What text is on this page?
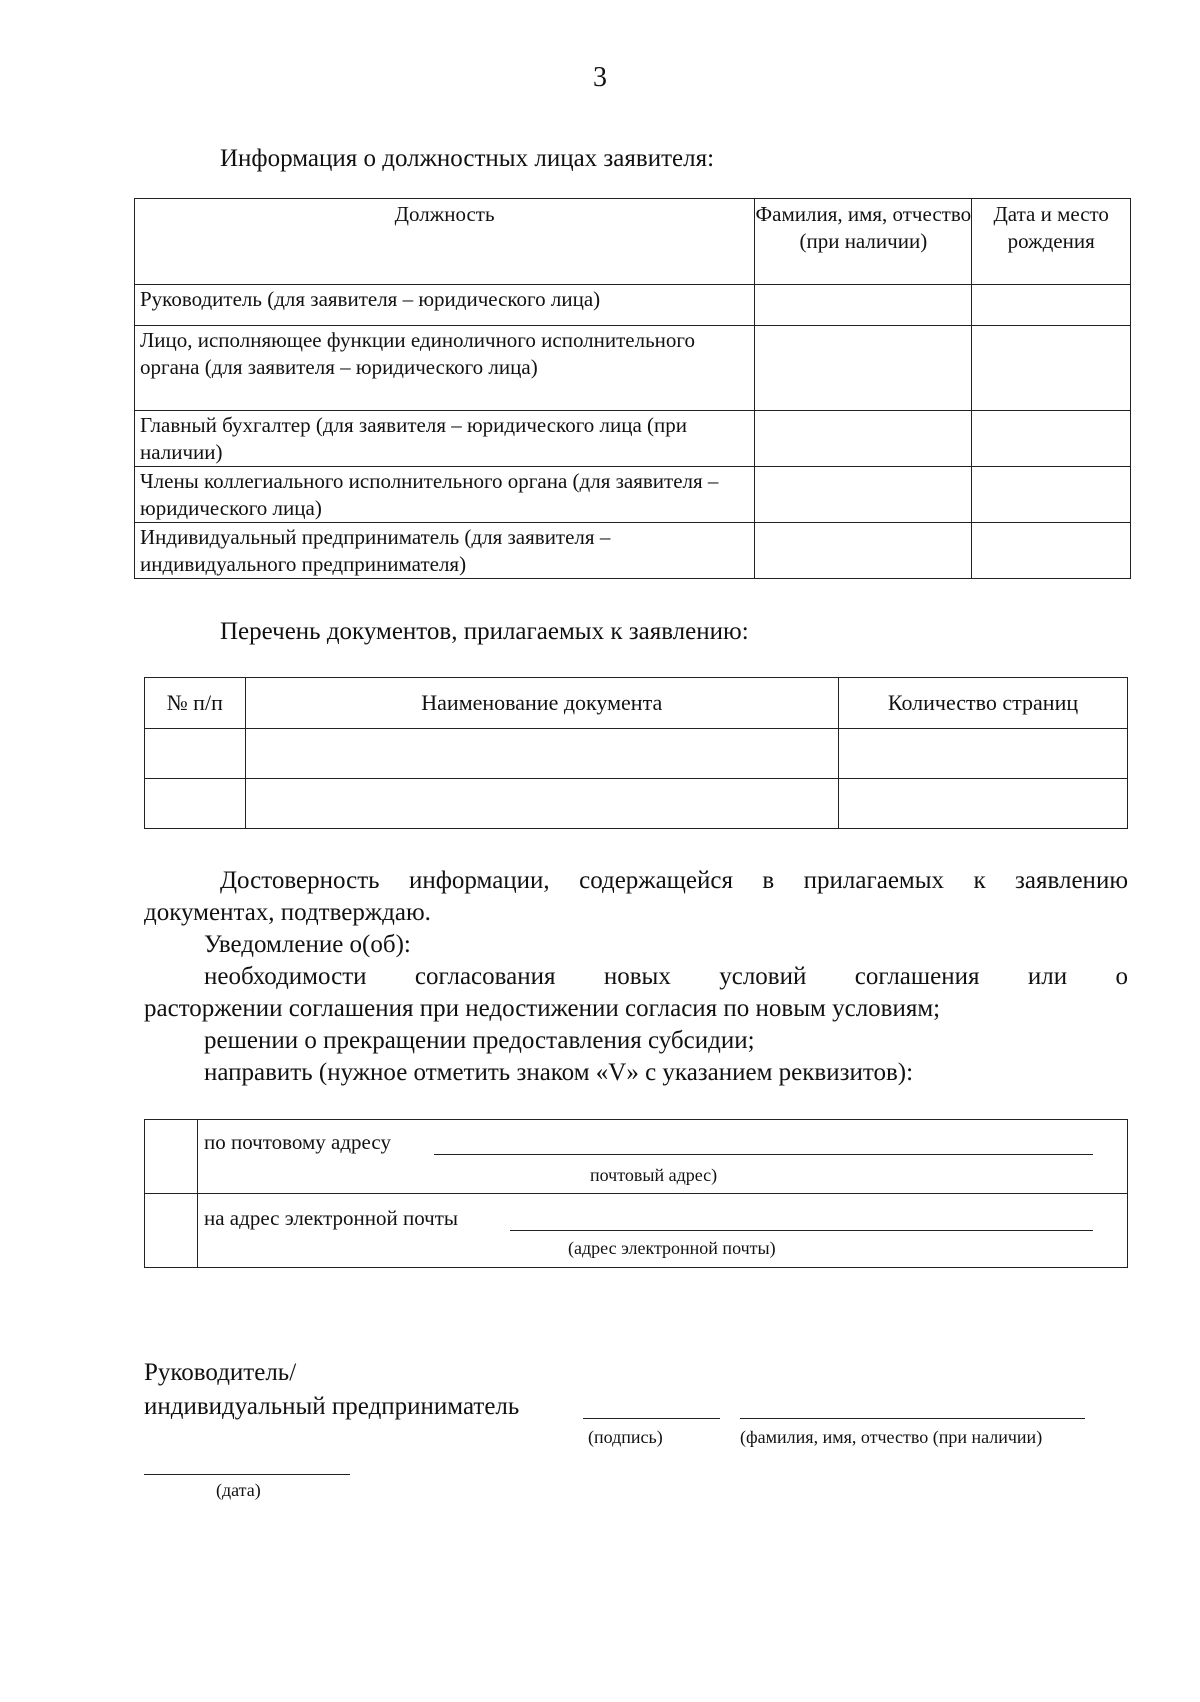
3
Информация о должностных лицах заявителя:
Должность	Фамилия, имя, отчество (при наличии)	Дата и место рождения
Руководитель (для заявителя – юридического лица)		
Лицо, исполняющее функции единоличного исполнительного органа (для заявителя – юридического лица)		
Главный бухгалтер (для заявителя – юридического лица (при наличии)		
Члены коллегиального исполнительного органа (для заявителя – юридического лица)		
Индивидуальный предприниматель (для заявителя – индивидуального предпринимателя)		
Перечень документов, прилагаемых к заявлению:
№ п/п	Наименование документа	Количество страниц

Достоверность информации, содержащейся в прилагаемых к заявлению
документах, подтверждаю.
Уведомление о(об):
необходимости согласования новых условий соглашения или о
расторжении соглашения при недостижении согласия по новым условиям;
решении о прекращении предоставления субсидии;
направить (нужное отметить знаком «V» с указанием реквизитов):

	по почтовому адресу
почтовый адрес)

	на адрес электронной почты
(адрес электронной почты)
Руководитель/
индивидуальный предприниматель
(подпись)	(фамилия, имя, отчество (при наличии)
(дата)
